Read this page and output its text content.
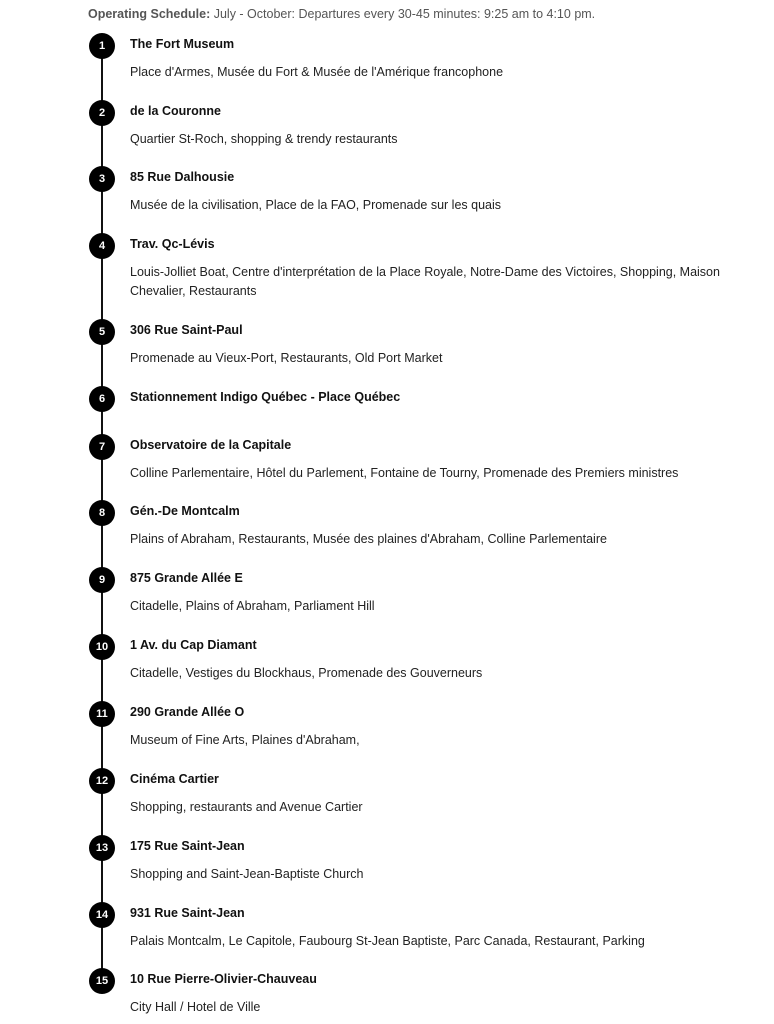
Operating Schedule: July - October: Departures every 30-45 minutes: 9:25 am to 4:10 pm.
1	The Fort Museum
Place d'Armes, Musée du Fort & Musée de l'Amérique francophone
2	de la Couronne
Quartier St-Roch, shopping & trendy restaurants
3	85 Rue Dalhousie
Musée de la civilisation, Place de la FAO, Promenade sur les quais
4	Trav. Qc-Lévis
Louis-Jolliet Boat, Centre d'interprétation de la Place Royale, Notre-Dame des Victoires, Shopping, Maison Chevalier, Restaurants
5	306 Rue Saint-Paul
Promenade au Vieux-Port, Restaurants, Old Port Market
6	Stationnement Indigo Québec - Place Québec
7	Observatoire de la Capitale
Colline Parlementaire, Hôtel du Parlement, Fontaine de Tourny, Promenade des Premiers ministres
8	Gén.-De Montcalm
Plains of Abraham, Restaurants, Musée des plaines d'Abraham, Colline Parlementaire
9	875 Grande Allée E
Citadelle, Plains of Abraham, Parliament Hill
10	1 Av. du Cap Diamant
Citadelle, Vestiges du Blockhaus, Promenade des Gouverneurs
11	290 Grande Allée O
Museum of Fine Arts, Plaines d'Abraham,
12	Cinéma Cartier
Shopping, restaurants and Avenue Cartier
13	175 Rue Saint-Jean
Shopping and Saint-Jean-Baptiste Church
14	931 Rue Saint-Jean
Palais Montcalm, Le Capitole, Faubourg St-Jean Baptiste, Parc Canada, Restaurant, Parking
15	10 Rue Pierre-Olivier-Chauveau
City Hall / Hotel de Ville
